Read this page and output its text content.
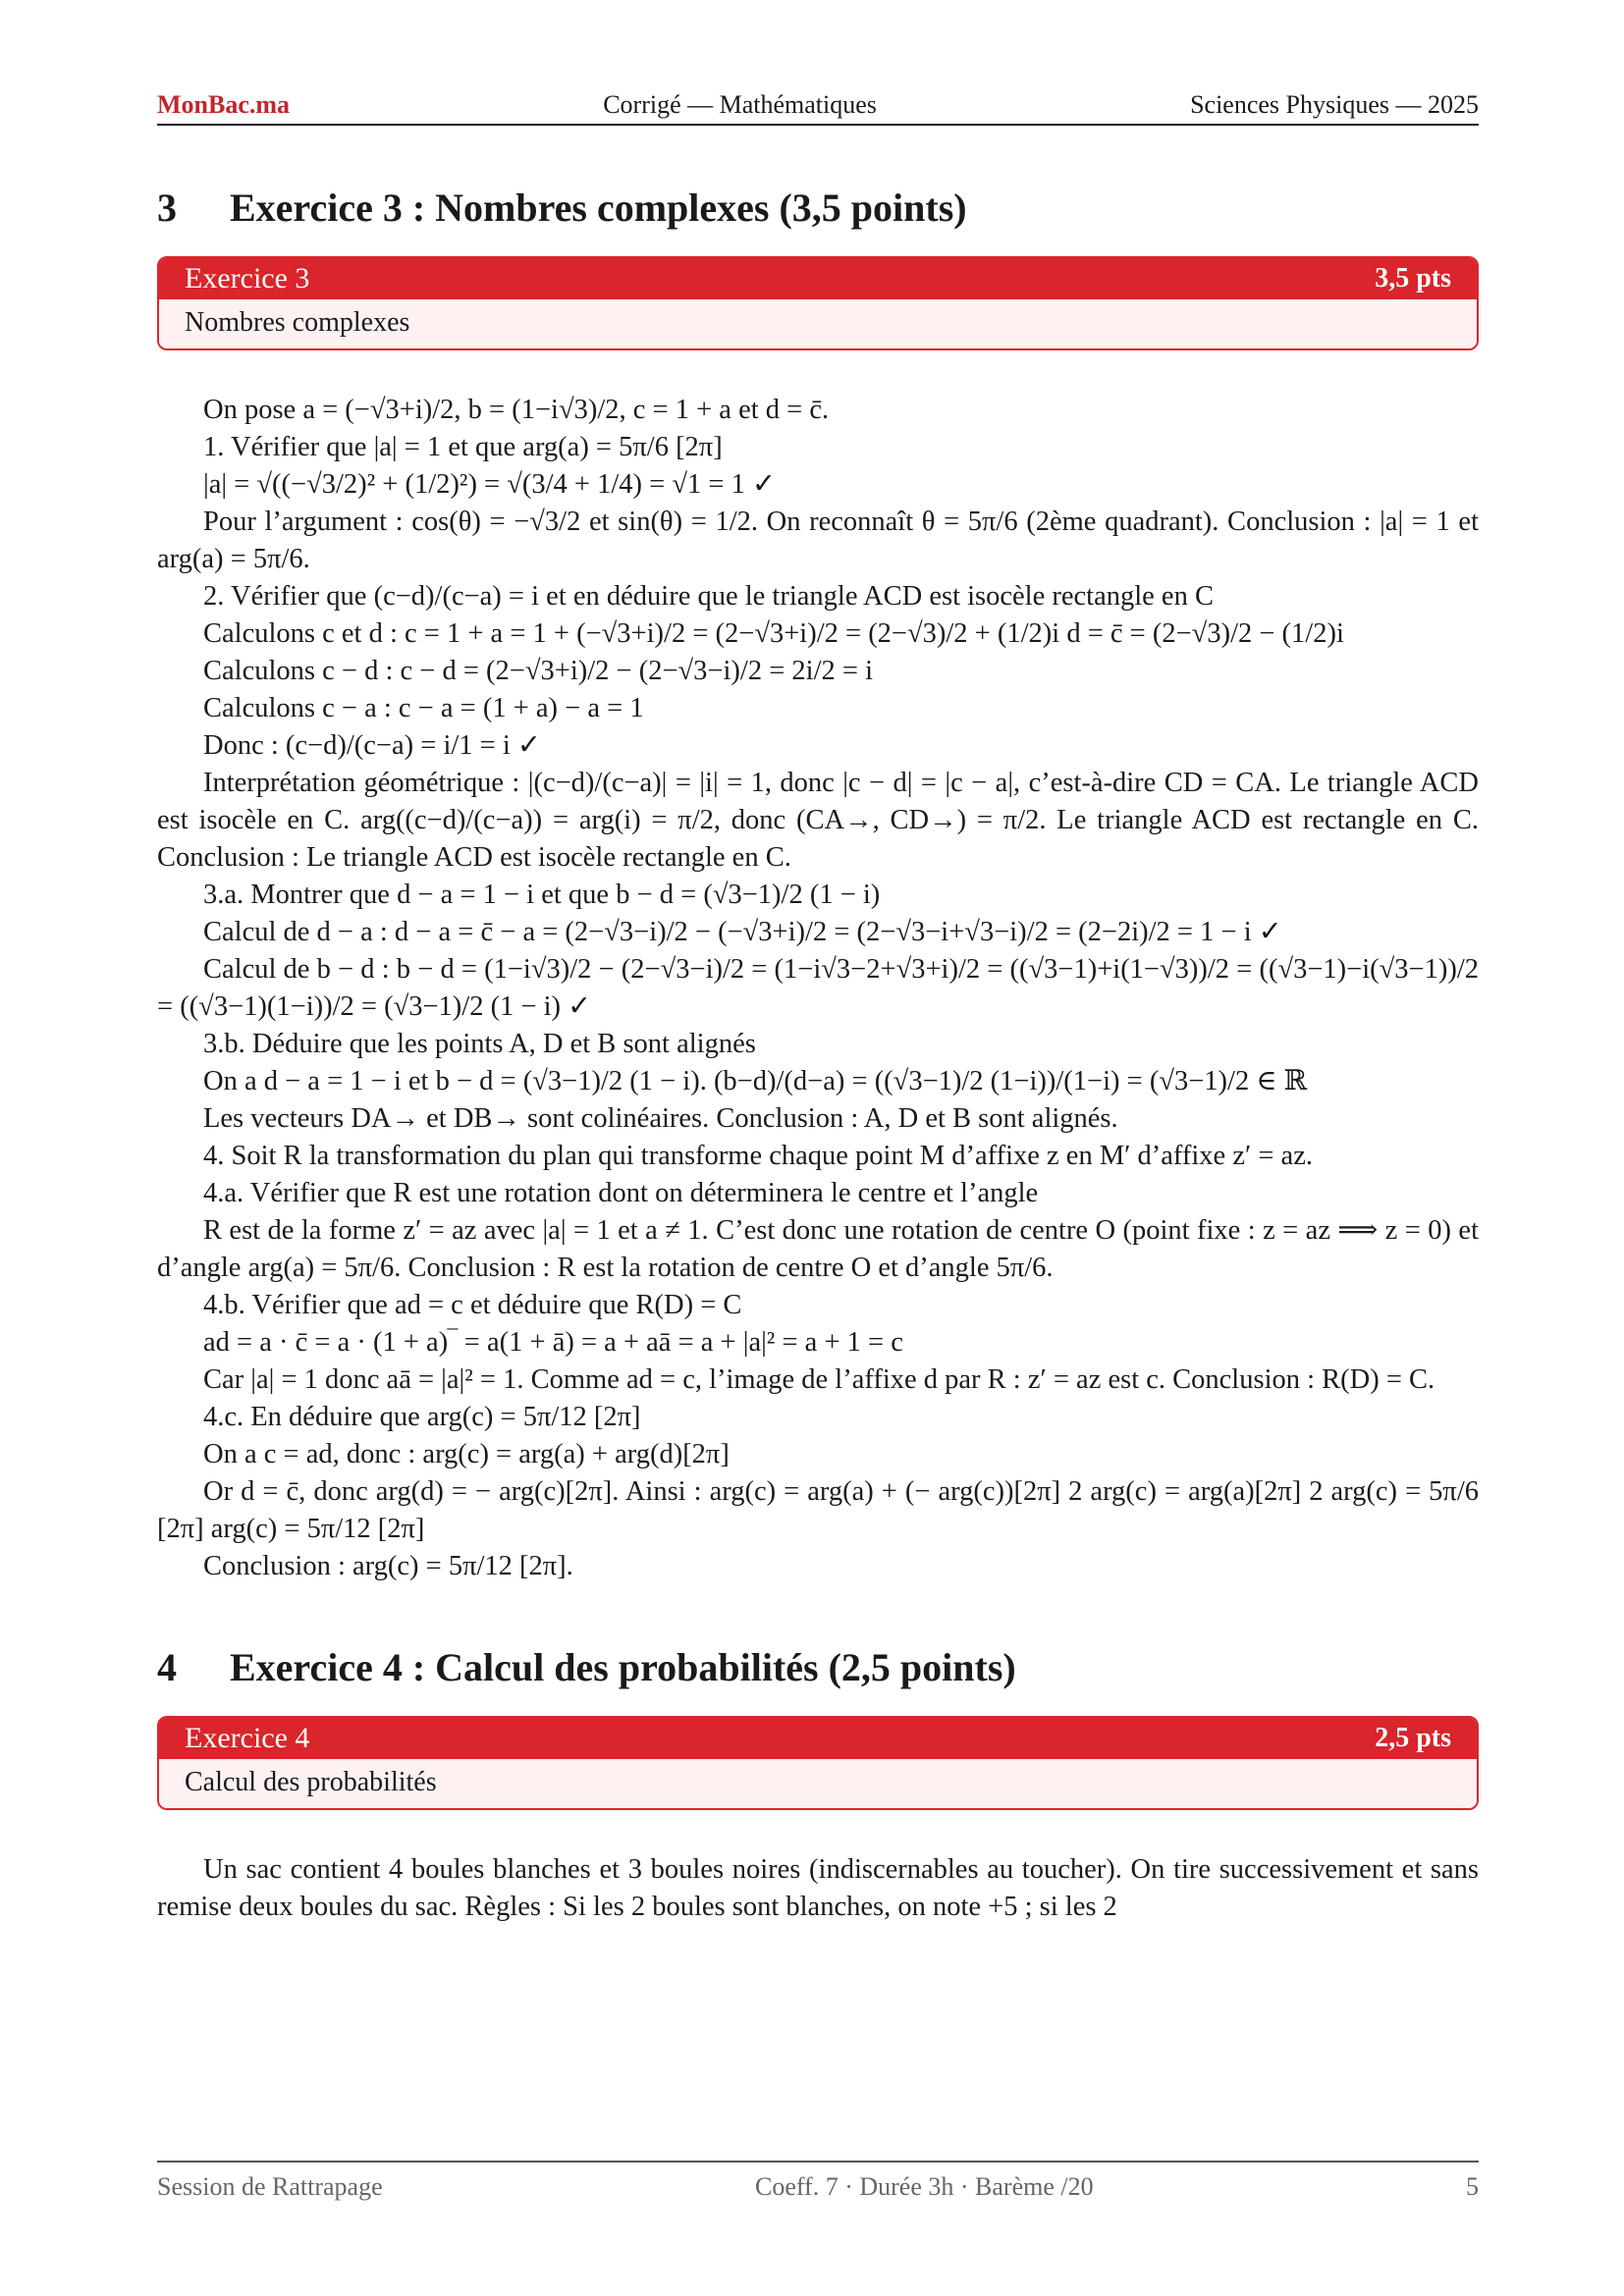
MonBac.ma	Corrigé — Mathématiques	Sciences Physiques — 2025
3 Exercice 3 : Nombres complexes (3,5 points)
Exercice 3	3,5 pts
Nombres complexes

On pose a = (−√3+i)/2, b = (1−i√3)/2, c = 1 + a et d = c̄.

1. Vérifier que |a| = 1 et que arg(a) = 5π/6 [2π]

|a| = √((−√3/2)² + (1/2)²) = √(3/4 + 1/4) = √1 = 1 ✓

Pour l’argument : cos(θ) = −√3/2 et sin(θ) = 1/2. On reconnaît θ = 5π/6 (2ème quadrant). Conclusion : |a| = 1 et arg(a) = 5π/6.

2. Vérifier que (c−d)/(c−a) = i et en déduire que le triangle ACD est isocèle rectangle en C

Calculons c et d : c = 1 + a = 1 + (−√3+i)/2 = (2−√3+i)/2 = (2−√3)/2 + (1/2)i d = c̄ = (2−√3)/2 − (1/2)i

Calculons c − d : c − d = (2−√3+i)/2 − (2−√3−i)/2 = 2i/2 = i

Calculons c − a : c − a = (1 + a) − a = 1

Donc : (c−d)/(c−a) = i/1 = i ✓

Interprétation géométrique : |(c−d)/(c−a)| = |i| = 1, donc |c − d| = |c − a|, c’est-à-dire CD = CA. Le triangle ACD est isocèle en C. arg((c−d)/(c−a)) = arg(i) = π/2, donc (CA→, CD→) = π/2. Le triangle ACD est rectangle en C. Conclusion : Le triangle ACD est isocèle rectangle en C.

3.a. Montrer que d − a = 1 − i et que b − d = (√3−1)/2 (1 − i)

Calcul de d − a : d − a = c̄ − a = (2−√3−i)/2 − (−√3+i)/2 = (2−√3−i+√3−i)/2 = (2−2i)/2 = 1 − i ✓

Calcul de b − d : b − d = (1−i√3)/2 − (2−√3−i)/2 = (1−i√3−2+√3+i)/2 = ((√3−1)+i(1−√3))/2 = ((√3−1)−i(√3−1))/2 = ((√3−1)(1−i))/2 = (√3−1)/2 (1 − i) ✓

3.b. Déduire que les points A, D et B sont alignés

On a d − a = 1 − i et b − d = (√3−1)/2 (1 − i). (b−d)/(d−a) = ((√3−1)/2 (1−i))/(1−i) = (√3−1)/2 ∈ ℝ

Les vecteurs DA→ et DB→ sont colinéaires. Conclusion : A, D et B sont alignés.

4. Soit R la transformation du plan qui transforme chaque point M d’affixe z en M′ d’affixe z′ = az.

4.a. Vérifier que R est une rotation dont on déterminera le centre et l’angle

R est de la forme z′ = az avec |a| = 1 et a ≠ 1. C’est donc une rotation de centre O (point fixe : z = az ⟹ z = 0) et d’angle arg(a) = 5π/6. Conclusion : R est la rotation de centre O et d’angle 5π/6.

4.b. Vérifier que ad = c et déduire que R(D) = C

ad = a · c̄ = a · (1 + a)‾ = a(1 + ā) = a + aā = a + |a|² = a + 1 = c

Car |a| = 1 donc aā = |a|² = 1. Comme ad = c, l’image de l’affixe d par R : z′ = az est c. Conclusion : R(D) = C.

4.c. En déduire que arg(c) = 5π/12 [2π]

On a c = ad, donc : arg(c) = arg(a) + arg(d)[2π]

Or d = c̄, donc arg(d) = − arg(c)[2π]. Ainsi : arg(c) = arg(a) + (− arg(c))[2π] 2 arg(c) = arg(a)[2π] 2 arg(c) = 5π/6 [2π] arg(c) = 5π/12 [2π]

Conclusion : arg(c) = 5π/12 [2π].

4 Exercice 4 : Calcul des probabilités (2,5 points)
Exercice 4	2,5 pts
Calcul des probabilités

Un sac contient 4 boules blanches et 3 boules noires (indiscernables au toucher). On tire successivement et sans remise deux boules du sac. Règles : Si les 2 boules sont blanches, on note +5 ; si les 2

Session de Rattrapage	Coeff. 7 · Durée 3h · Barème /20	5
